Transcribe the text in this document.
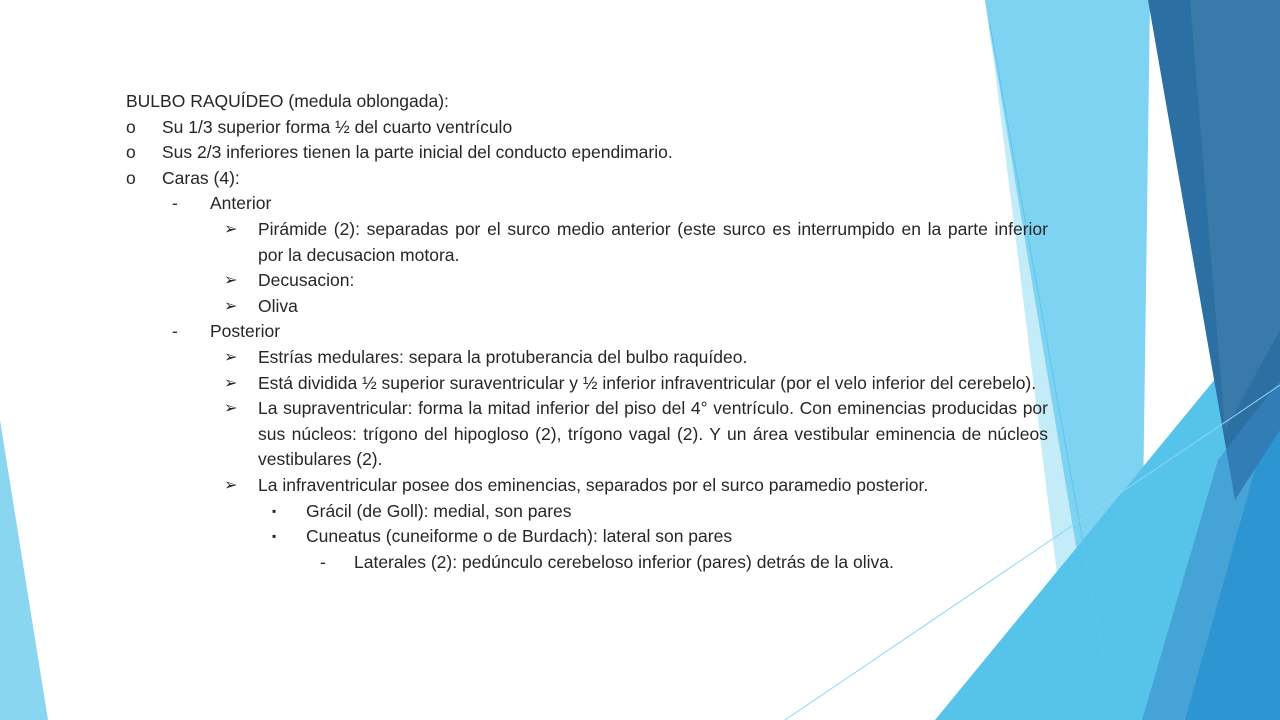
BULBO RAQUÍDEO (medula oblongada):
o Su 1/3 superior forma ½ del cuarto ventrículo
o Sus 2/3 inferiores tienen la parte inicial del conducto ependimario.
o Caras (4):
- Anterior
➢ Pirámide (2): separadas por el surco medio anterior (este surco es interrumpido en la parte inferior por la decusacion motora.
➢ Decusacion:
➢ Oliva
- Posterior
➢ Estrías medulares: separa la protuberancia del bulbo raquídeo.
➢ Está dividida ½ superior suraventricular y ½ inferior infraventricular (por el velo inferior del cerebelo).
➢ La supraventricular: forma la mitad inferior del piso del 4° ventrículo. Con eminencias producidas por sus núcleos: trígono del hipogloso (2), trígono vagal (2). Y un área vestibular eminencia de núcleos vestibulares (2).
➢ La infraventricular posee dos eminencias, separados por el surco paramedio posterior.
▪ Grácil (de Goll): medial, son pares
▪ Cuneatus (cuneiforme o de Burdach): lateral son pares
- Laterales (2): pedúnculo cerebeloso inferior (pares) detrás de la oliva.
